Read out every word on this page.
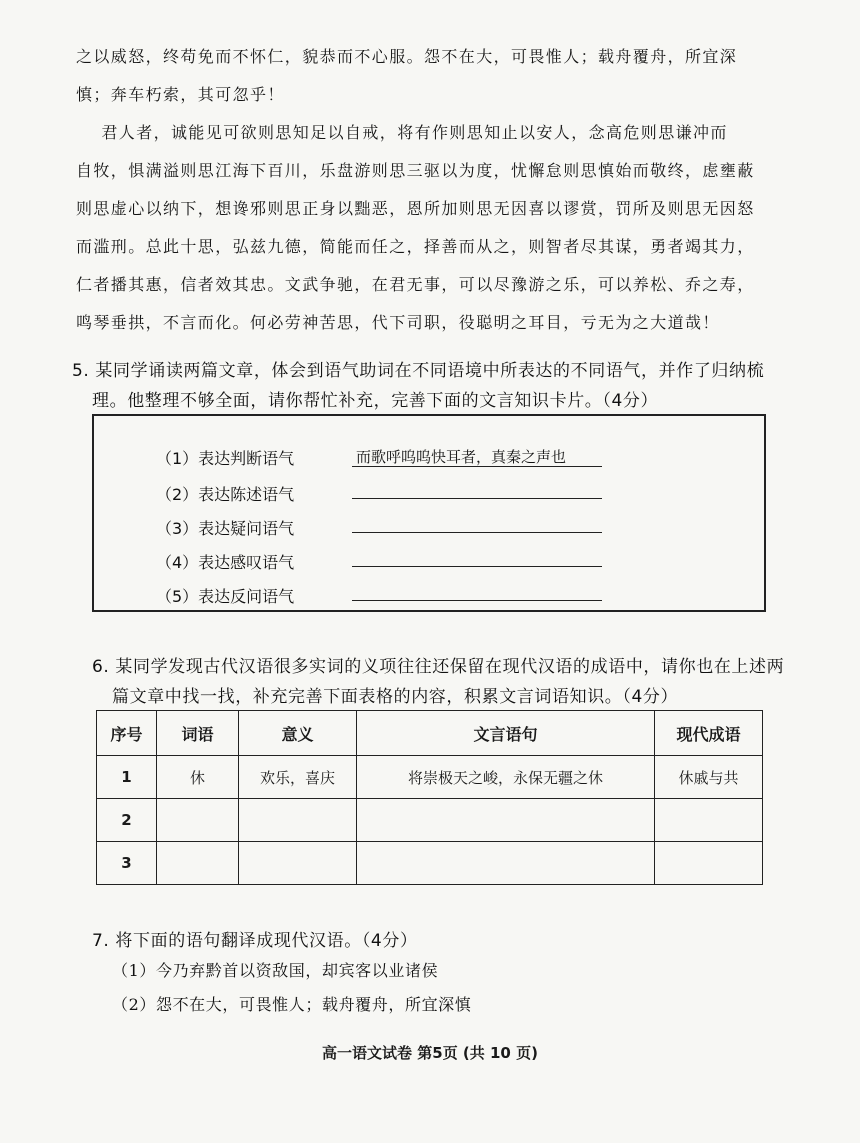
之以威怒，终苟免而不怀仁，貌恭而不心服。怨不在大，可畏惟人；载舟覆舟，所宜深

慎；奔车朽索，其可忽乎！

　君人者，诚能见可欲则思知足以自戒，将有作则思知止以安人，念高危则思谦冲而

自牧，惧满溢则思江海下百川，乐盘游则思三驱以为度，忧懈怠则思慎始而敬终，虑壅蔽

则思虚心以纳下，想谗邪则思正身以黜恶，恩所加则思无因喜以谬赏，罚所及则思无因怒

而滥刑。总此十思，弘兹九德，简能而任之，择善而从之，则智者尽其谋，勇者竭其力，

仁者播其惠，信者效其忠。文武争驰，在君无事，可以尽豫游之乐，可以养松、乔之寿，

鸣琴垂拱，不言而化。何必劳神苦思，代下司职，役聪明之耳目，亏无为之大道哉！

5. 某同学诵读两篇文章，体会到语气助词在不同语境中所表达的不同语气，并作了归纳梳
理。他整理不够全面，请你帮忙补充，完善下面的文言知识卡片。（4分）
（1）表达判断语气	而歌呼呜呜快耳者，真秦之声也
（2）表达陈述语气
（3）表达疑问语气
（4）表达感叹语气
（5）表达反问语气
6. 某同学发现古代汉语很多实词的义项往往还保留在现代汉语的成语中，请你也在上述两
篇文章中找一找，补充完善下面表格的内容，积累文言词语知识。（4分）
序号	词语	意义	文言语句	现代成语
1	休	欢乐，喜庆	将崇极天之峻，永保无疆之休	休戚与共
2				
3				
7. 将下面的语句翻译成现代汉语。（4分）
（1）今乃弃黔首以资敌国，却宾客以业诸侯
（2）怨不在大，可畏惟人；载舟覆舟，所宜深慎
高一语文试卷 第5页 (共 10 页)
